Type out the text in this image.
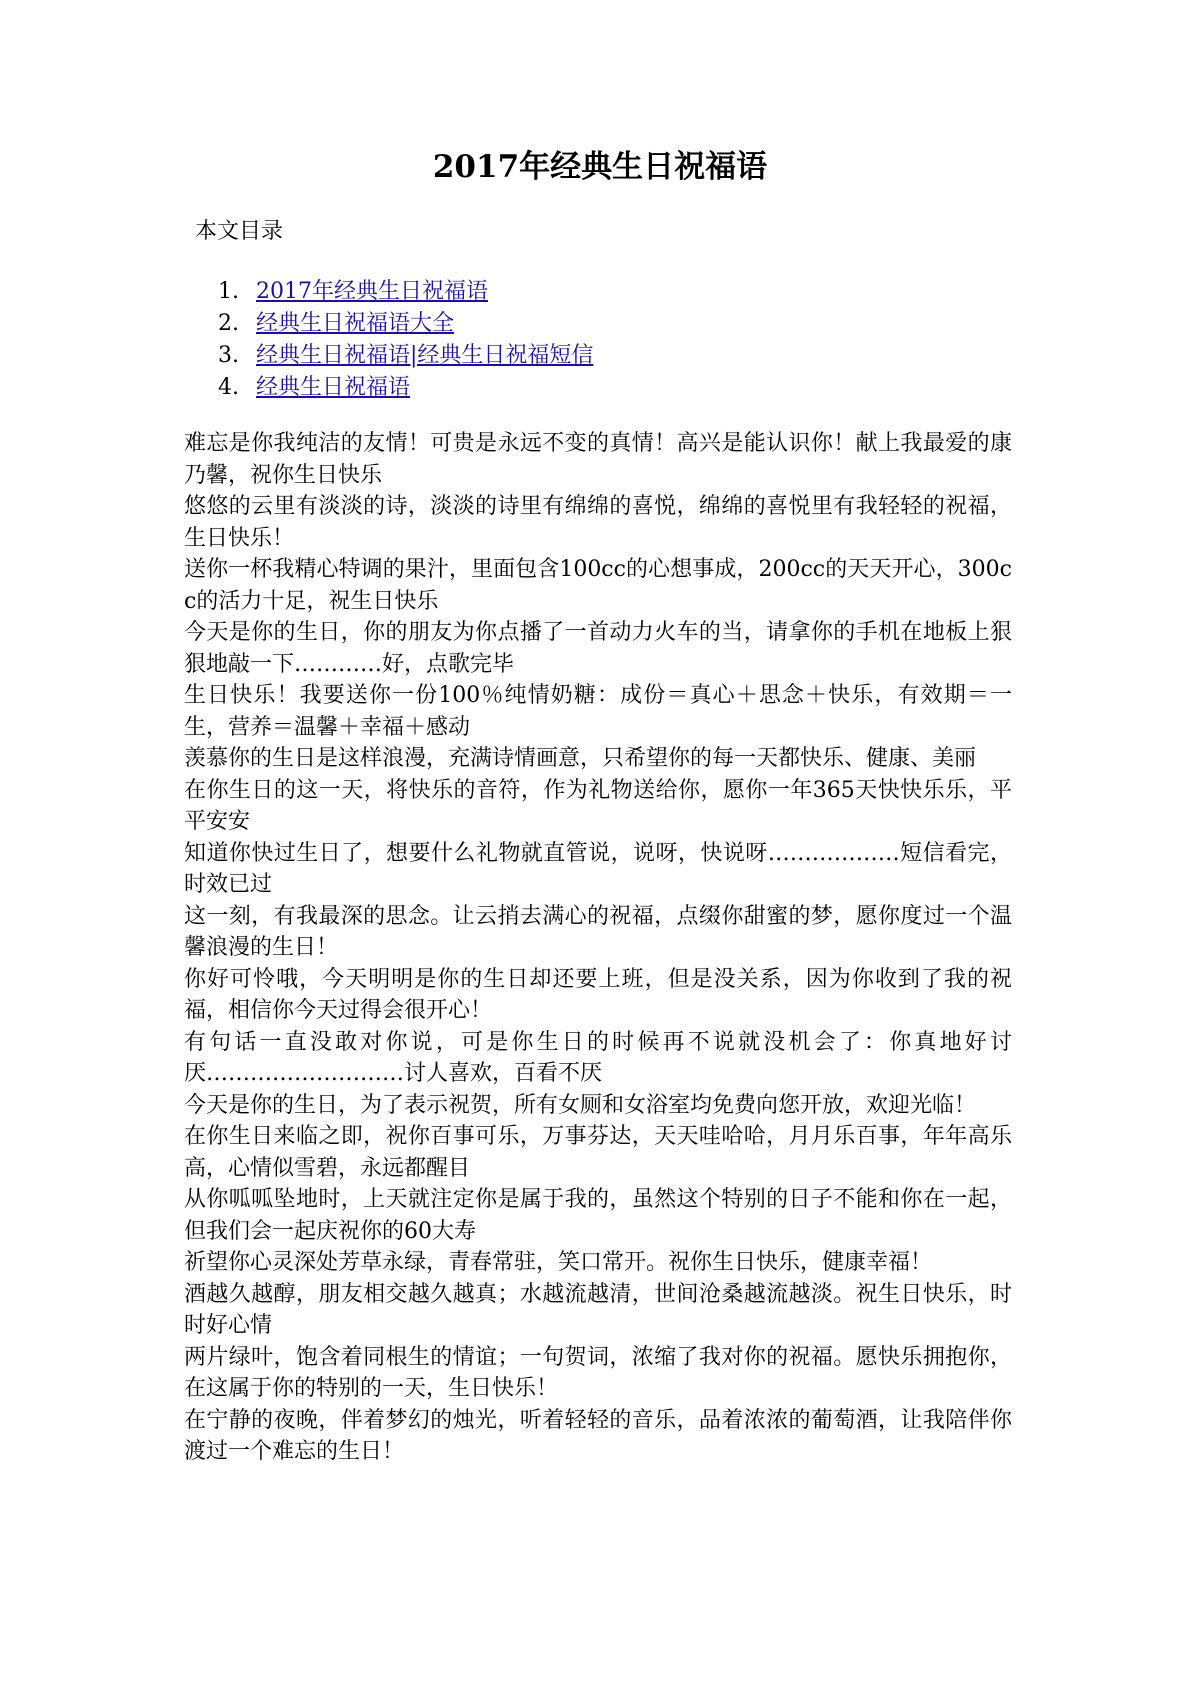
2017年经典生日祝福语
本文目录
1. 2017年经典生日祝福语
2. 经典生日祝福语大全
3. 经典生日祝福语|经典生日祝福短信
4. 经典生日祝福语

难忘是你我纯洁的友情！可贵是永远不变的真情！高兴是能认识你！献上我最爱的康乃馨，祝你生日快乐

悠悠的云里有淡淡的诗，淡淡的诗里有绵绵的喜悦，绵绵的喜悦里有我轻轻的祝福，生日快乐！

送你一杯我精心特调的果汁，里面包含100cc的心想事成，200cc的天天开心，300cc的活力十足，祝生日快乐

今天是你的生日，你的朋友为你点播了一首动力火车的当，请拿你的手机在地板上狠狠地敲一下…………好，点歌完毕

生日快乐！我要送你一份100％纯情奶糖：成份＝真心＋思念＋快乐，有效期＝一生，营养＝温馨＋幸福＋感动

羡慕你的生日是这样浪漫，充满诗情画意，只希望你的每一天都快乐、健康、美丽

在你生日的这一天，将快乐的音符，作为礼物送给你，愿你一年365天快快乐乐，平平安安

知道你快过生日了，想要什么礼物就直管说，说呀，快说呀………………短信看完，时效已过

这一刻，有我最深的思念。让云捎去满心的祝福，点缀你甜蜜的梦，愿你度过一个温馨浪漫的生日！

你好可怜哦，今天明明是你的生日却还要上班，但是没关系，因为你收到了我的祝福，相信你今天过得会很开心！

有句话一直没敢对你说，可是你生日的时候再不说就没机会了：你真地好讨厌………………………讨人喜欢，百看不厌

今天是你的生日，为了表示祝贺，所有女厕和女浴室均免费向您开放，欢迎光临！

在你生日来临之即，祝你百事可乐，万事芬达，天天哇哈哈，月月乐百事，年年高乐高，心情似雪碧，永远都醒目

从你呱呱坠地时，上天就注定你是属于我的，虽然这个特别的日子不能和你在一起，但我们会一起庆祝你的60大寿

祈望你心灵深处芳草永绿，青春常驻，笑口常开。祝你生日快乐，健康幸福！

酒越久越醇，朋友相交越久越真；水越流越清，世间沧桑越流越淡。祝生日快乐，时时好心情

两片绿叶，饱含着同根生的情谊；一句贺词，浓缩了我对你的祝福。愿快乐拥抱你，在这属于你的特别的一天，生日快乐！

在宁静的夜晚，伴着梦幻的烛光，听着轻轻的音乐，品着浓浓的葡萄酒，让我陪伴你渡过一个难忘的生日！
